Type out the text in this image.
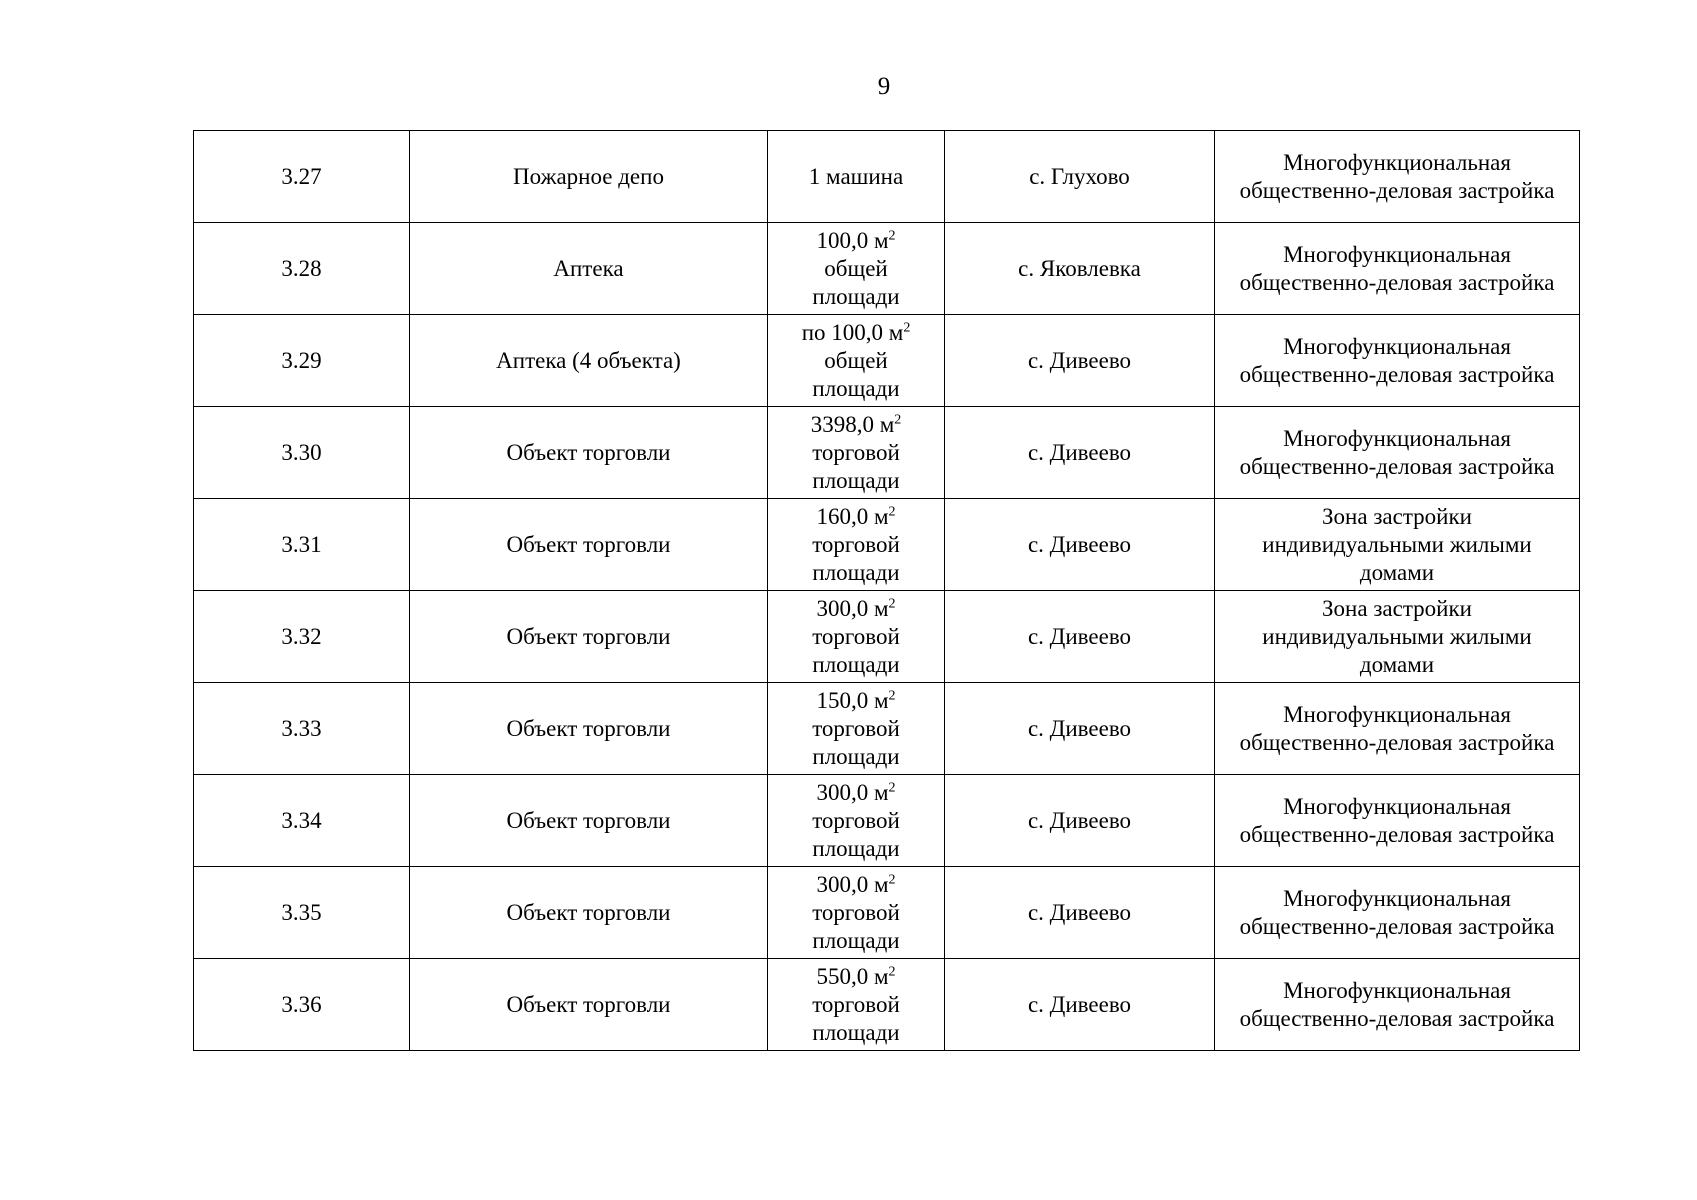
9
3.27	Пожарное депо	1 машина	с. Глухово	Многофункциональная
общественно-деловая застройка

3.28	Аптека	100,0 $м^2$
общей
площади	с. Яковлевка	Многофункциональная
общественно-деловая застройка

3.29	Аптека (4 объекта)	по 100,0 $м^2$
общей
площади	с. Дивеево	Многофункциональная
общественно-деловая застройка

3.30	Объект торговли	3398,0 $м^2$
торговой
площади	с. Дивеево	Многофункциональная
общественно-деловая застройка

3.31	Объект торговли	160,0 $м^2$
торговой
площади	с. Дивеево	Зона застройки
индивидуальными жилыми
домами

3.32	Объект торговли	300,0 $м^2$
торговой
площади	с. Дивеево	Зона застройки
индивидуальными жилыми
домами

3.33	Объект торговли	150,0 $м^2$
торговой
площади	с. Дивеево	Многофункциональная
общественно-деловая застройка

3.34	Объект торговли	300,0 $м^2$
торговой
площади	с. Дивеево	Многофункциональная
общественно-деловая застройка

3.35	Объект торговли	300,0 $м^2$
торговой
площади	с. Дивеево	Многофункциональная
общественно-деловая застройка

3.36	Объект торговли	550,0 $м^2$
торговой
площади	с. Дивеево	Многофункциональная
общественно-деловая застройка
